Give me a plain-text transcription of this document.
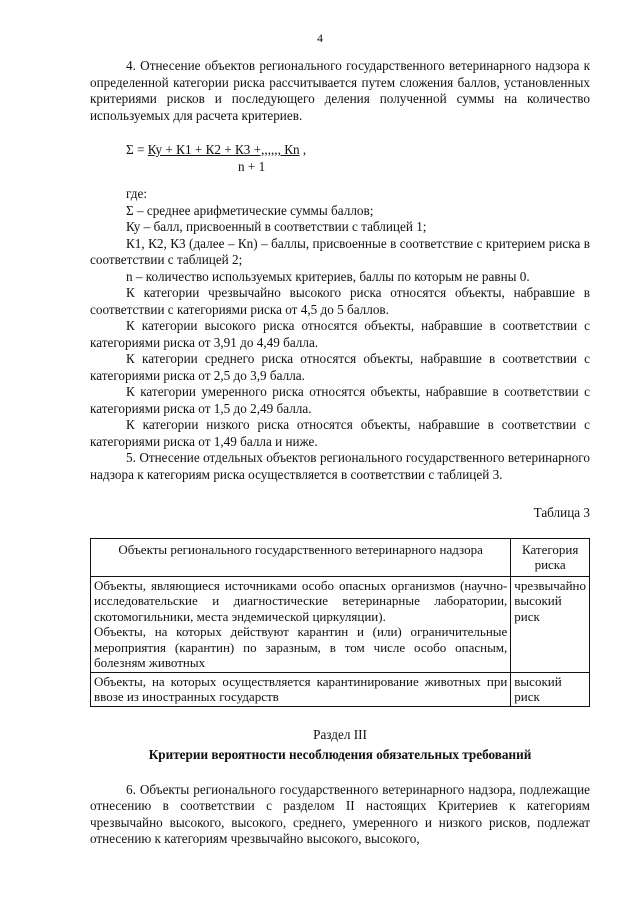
4

4. Отнесение объектов регионального государственного ветеринарного надзора к определенной категории риска рассчитывается путем сложения баллов, установленных критериями рисков и последующего деления полученной суммы на количество используемых для расчета критериев.

Σ = Ку + К1 + К2 + К3 +,,,,,, Кn ,
n + 1

где:

Σ – среднее арифметические суммы баллов;

Ку – балл, присвоенный в соответствии с таблицей 1;

К1, К2, К3 (далее – Кn) – баллы, присвоенные в соответствие с критерием риска в соответствии с таблицей 2;

n – количество используемых критериев, баллы по которым не равны 0.

К категории чрезвычайно высокого риска относятся объекты, набравшие в соответствии с категориями риска от 4,5 до 5 баллов.

К категории высокого риска относятся объекты, набравшие в соответствии с категориями риска от 3,91 до 4,49 балла.

К категории среднего риска относятся объекты, набравшие в соответствии с категориями риска от 2,5 до 3,9 балла.

К категории умеренного риска относятся объекты, набравшие в соответствии с категориями риска от 1,5 до 2,49 балла.

К категории низкого риска относятся объекты, набравшие в соответствии с категориями риска от 1,49 балла и ниже.

5. Отнесение отдельных объектов регионального государственного ветеринарного надзора к категориям риска осуществляется в соответствии с таблицей 3.

Таблица 3
Объекты регионального государственного ветеринарного надзора	Категория риска

Объекты, являющиеся источниками особо опасных организмов (научно-исследовательские и диагностические ветеринарные лаборатории, скотомогильники, места эндемической циркуляции).
Объекты, на которых действуют карантин и (или) ограничительные мероприятия (карантин) по заразным, в том числе особо опасным, болезням животных	чрезвычайно высокий риск

Объекты, на которых осуществляется карантинирование животных при ввозе из иностранных государств	высокий риск
Раздел III
Критерии вероятности несоблюдения обязательных требований

6. Объекты регионального государственного ветеринарного надзора, подлежащие отнесению в соответствии с разделом II настоящих Критериев к категориям чрезвычайно высокого, высокого, среднего, умеренного и низкого рисков, подлежат отнесению к категориям чрезвычайно высокого, высокого,
